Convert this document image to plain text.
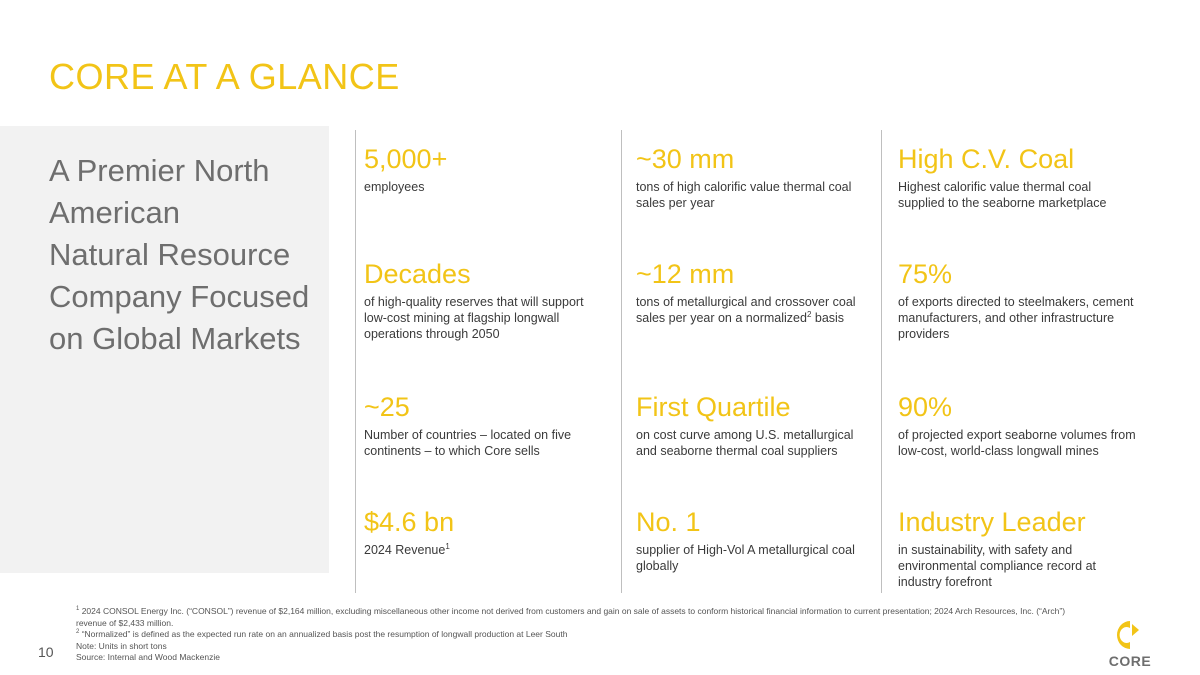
CORE AT A GLANCE
A Premier North
American
Natural Resource
Company Focused
on Global Markets
5,000+
employees
Decades
of high-quality reserves that will support low-cost mining at flagship longwall operations through 2050
~25
Number of countries – located on five continents – to which Core sells
$4.6 bn
2024 Revenue$^1$
~30 mm
tons of high calorific value thermal coal sales per year
~12 mm
tons of metallurgical and crossover coal sales per year on a normalized$^2$ basis
First Quartile
on cost curve among U.S. metallurgical and seaborne thermal coal suppliers
No. 1
supplier of High-Vol A metallurgical coal globally
High C.V. Coal
Highest calorific value thermal coal supplied to the seaborne marketplace
75%
of exports directed to steelmakers, cement manufacturers, and other infrastructure providers
90%
of projected export seaborne volumes from low-cost, world-class longwall mines
Industry Leader
in sustainability, with safety and environmental compliance record at industry forefront
$^1$ 2024 CONSOL Energy Inc. (“CONSOL”) revenue of $2,164 million, excluding miscellaneous other income not derived from customers and gain on sale of assets to conform historical financial information to current presentation; 2024 Arch Resources, Inc. (“Arch”) revenue of $2,433 million.
$^2$ “Normalized” is defined as the expected run rate on an annualized basis post the resumption of longwall production at Leer South
Note: Units in short tons
Source: Internal and Wood Mackenzie
10
CORE
